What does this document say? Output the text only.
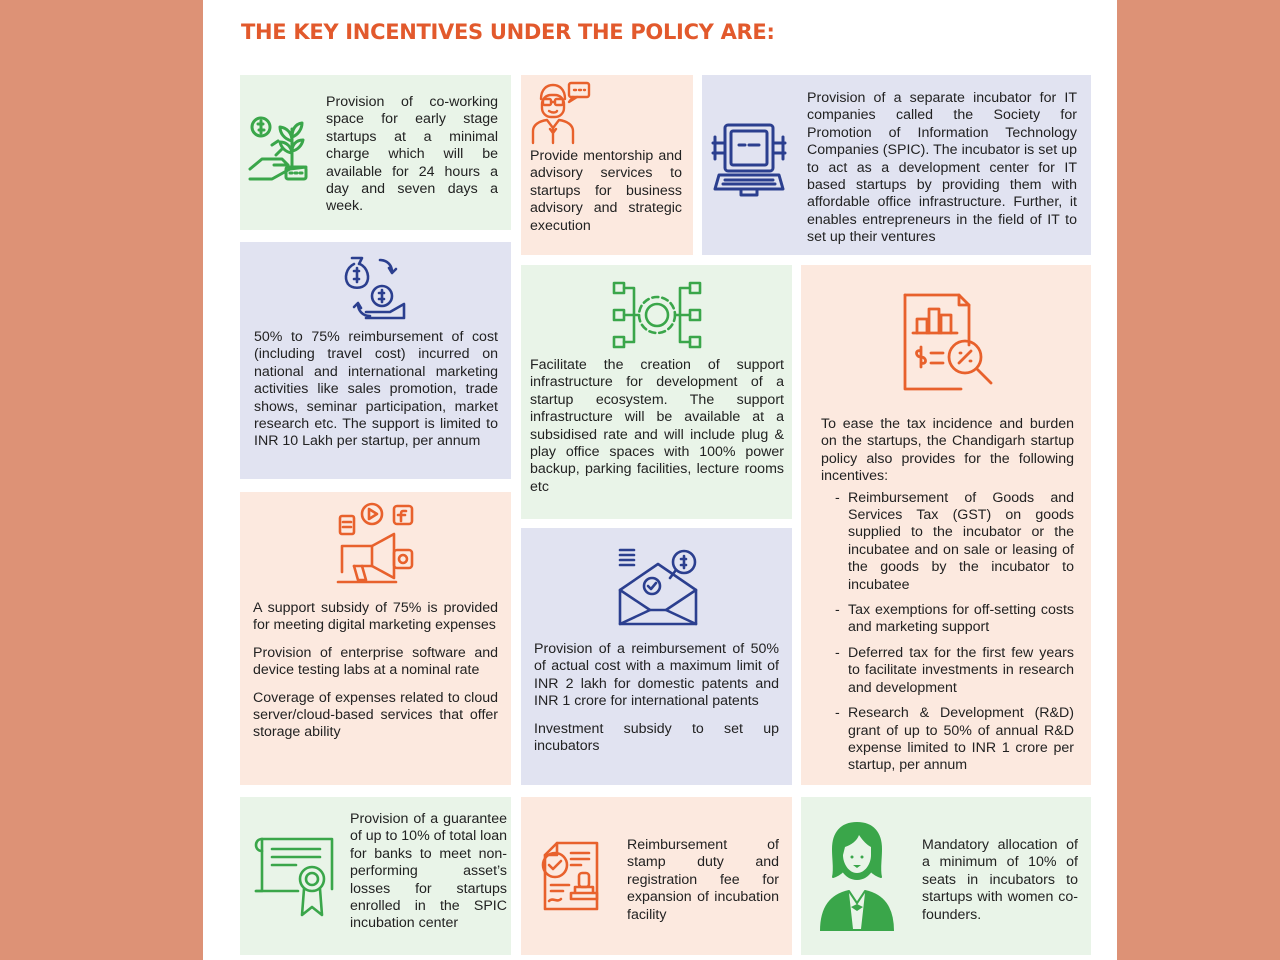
THE KEY INCENTIVES UNDER THE POLICY ARE:
Provision of co-working space for early stage startups at a minimal charge which will be available for 24 hours a day and seven days a week.
Provide mentorship and advisory services to startups for business advisory and strategic execution
Provision of a separate incubator for IT companies called the Society for Promotion of Information Technology Companies (SPIC). The incubator is set up to act as a development center for IT based startups by providing them with affordable office infrastructure. Further, it enables entrepreneurs in the field of IT to set up their ventures
50% to 75% reimbursement of cost (including travel cost) incurred on national and international marketing activities like sales promotion, trade shows, seminar participation, market research etc. The support is limited to INR 10 Lakh per startup, per annum
Facilitate the creation of support infrastructure for development of a startup ecosystem. The support infrastructure will be available at a subsidised rate and will include plug & play office spaces with 100% power backup, parking facilities, lecture rooms etc
To ease the tax incidence and burden on the startups, the Chandigarh startup policy also provides for the following incentives:
- Reimbursement of Goods and Services Tax (GST) on goods supplied to the incubator or the incubatee and on sale or leasing of the goods by the incubator to incubatee
- Tax exemptions for off-setting costs and marketing support
- Deferred tax for the first few years to facilitate investments in research and development
- Research & Development (R&D) grant of up to 50% of annual R&D expense limited to INR 1 crore per startup, per annum

A support subsidy of 75% is provided for meeting digital marketing expenses

Provision of enterprise software and device testing labs at a nominal rate

Coverage of expenses related to cloud server/cloud-based services that offer storage ability

Provision of a reimbursement of 50% of actual cost with a maximum limit of INR 2 lakh for domestic patents and INR 1 crore for international patents

Investment subsidy to set up incubators

Provision of a guarantee of up to 10% of total loan for banks to meet non-performing asset’s losses for startups enrolled in the SPIC incubation center
Reimbursement of stamp duty and registration fee for expansion of incubation facility
Mandatory allocation of a minimum of 10% of seats in incubators to startups with women co-founders.
